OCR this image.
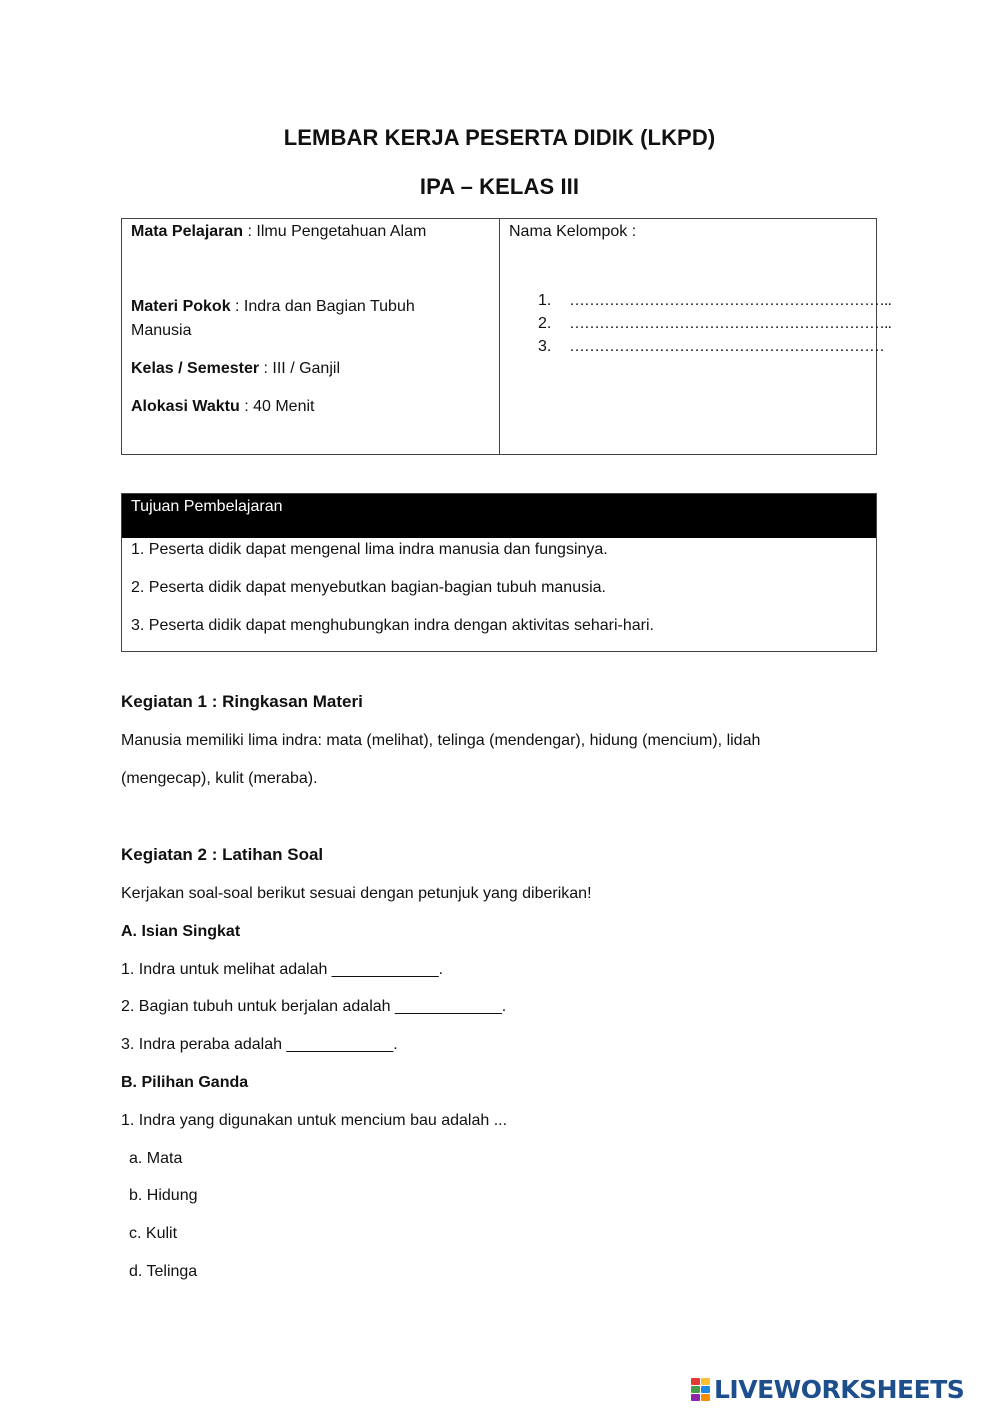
LEMBAR KERJA PESERTA DIDIK (LKPD)
IPA – KELAS III
Mata Pelajaran : Ilmu Pengetahuan Alam
Materi Pokok : Indra dan Bagian Tubuh Manusia
Kelas / Semester : III / Ganjil
Alokasi Waktu : 40 Menit
Nama Kelompok :
1.	………………………………………………………..
2.	………………………………………………………..
3.	………………………………………………………
Tujuan Pembelajaran
1. Peserta didik dapat mengenal lima indra manusia dan fungsinya.
2. Peserta didik dapat menyebutkan bagian-bagian tubuh manusia.
3. Peserta didik dapat menghubungkan indra dengan aktivitas sehari-hari.
Kegiatan 1 : Ringkasan Materi
Manusia memiliki lima indra: mata (melihat), telinga (mendengar), hidung (mencium), lidah
(mengecap), kulit (meraba).
Kegiatan 2 : Latihan Soal
Kerjakan soal-soal berikut sesuai dengan petunjuk yang diberikan!
A. Isian Singkat
1. Indra untuk melihat adalah ____________.
2. Bagian tubuh untuk berjalan adalah ____________.
3. Indra peraba adalah ____________.
B. Pilihan Ganda
1. Indra yang digunakan untuk mencium bau adalah ...
a. Mata
b. Hidung
c. Kulit
d. Telinga
LIVEWORKSHEETS
